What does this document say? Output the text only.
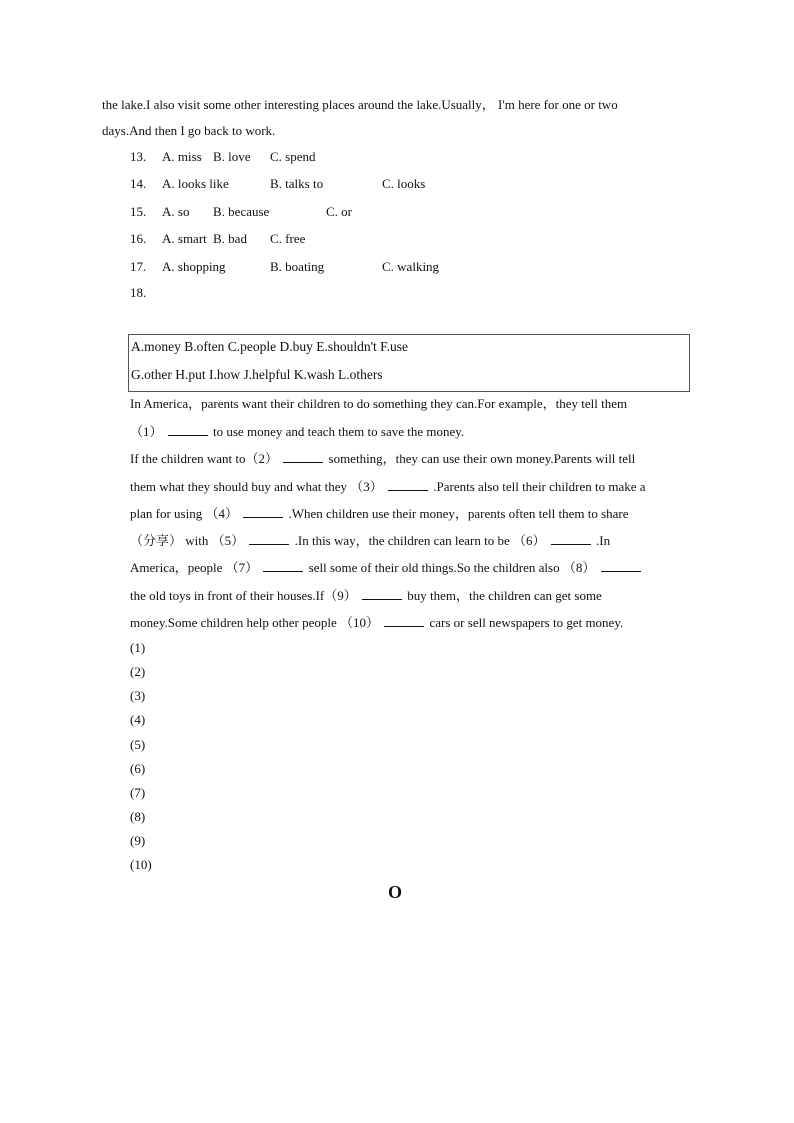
the lake.I also visit some other interesting places around the lake.Usually， I'm here for one or two
days.And then I go back to work.
13. A. miss B. love C. spend
14. A. looks like	B. talks to	C. looks
15. A. so B. because	C. or
16. A. smart B. bad C. free
17. A. shopping	B. boating	C. walking
18.
A.money B.often C.people D.buy E.shouldn't F.use
G.other H.put I.how J.helpful K.wash L.others
In America，parents want their children to do something they can.For example，they tell them
（1）	to use money and teach them to save the money.
If the children want to（2）	something，they can use their own money.Parents will tell
them what they should buy and what they （3）	.Parents also tell their children to make a
plan for using （4）	.When children use their money，parents often tell them to share
（分享） with （5）	.In this way，the children can learn to be （6）	.In
America，people （7）	sell some of their old things.So the children also （8）
the old toys in front of their houses.If（9）	buy them，the children can get some
money.Some children help other people （10）	cars or sell newspapers to get money.
(1)
(2)
(3)
(4)
(5)
(6)
(7)
(8)
(9)
(10)
O
